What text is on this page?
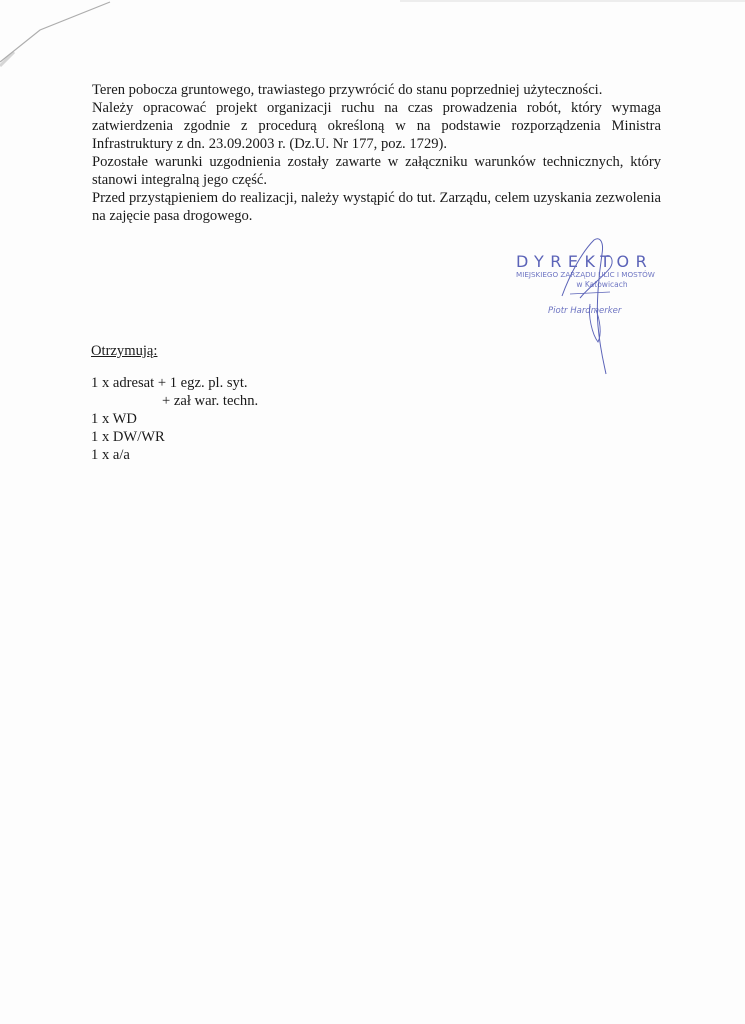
Teren pobocza gruntowego, trawiastego przywrócić do stanu poprzedniej użyteczności.

Należy opracować projekt organizacji ruchu na czas prowadzenia robót, który wymaga zatwierdzenia zgodnie z procedurą określoną w na podstawie rozporządzenia Ministra Infrastruktury z dn. 23.09.2003 r. (Dz.U. Nr 177, poz. 1729).

Pozostałe warunki uzgodnienia zostały zawarte w załączniku warunków technicznych, który stanowi integralną jego część.

Przed przystąpieniem do realizacji, należy wystąpić do tut. Zarządu, celem uzyskania zezwolenia na zajęcie pasa drogowego.

DYREKTOR
MIEJSKIEGO ZARZĄDU ULIC I MOSTÓW
w Katowicach
Piotr Hardmerker

Otrzymują:

1 x adresat + 1 egz. pl. syt.

+ zał war. techn.

1 x WD

1 x DW/WR

1 x a/a
